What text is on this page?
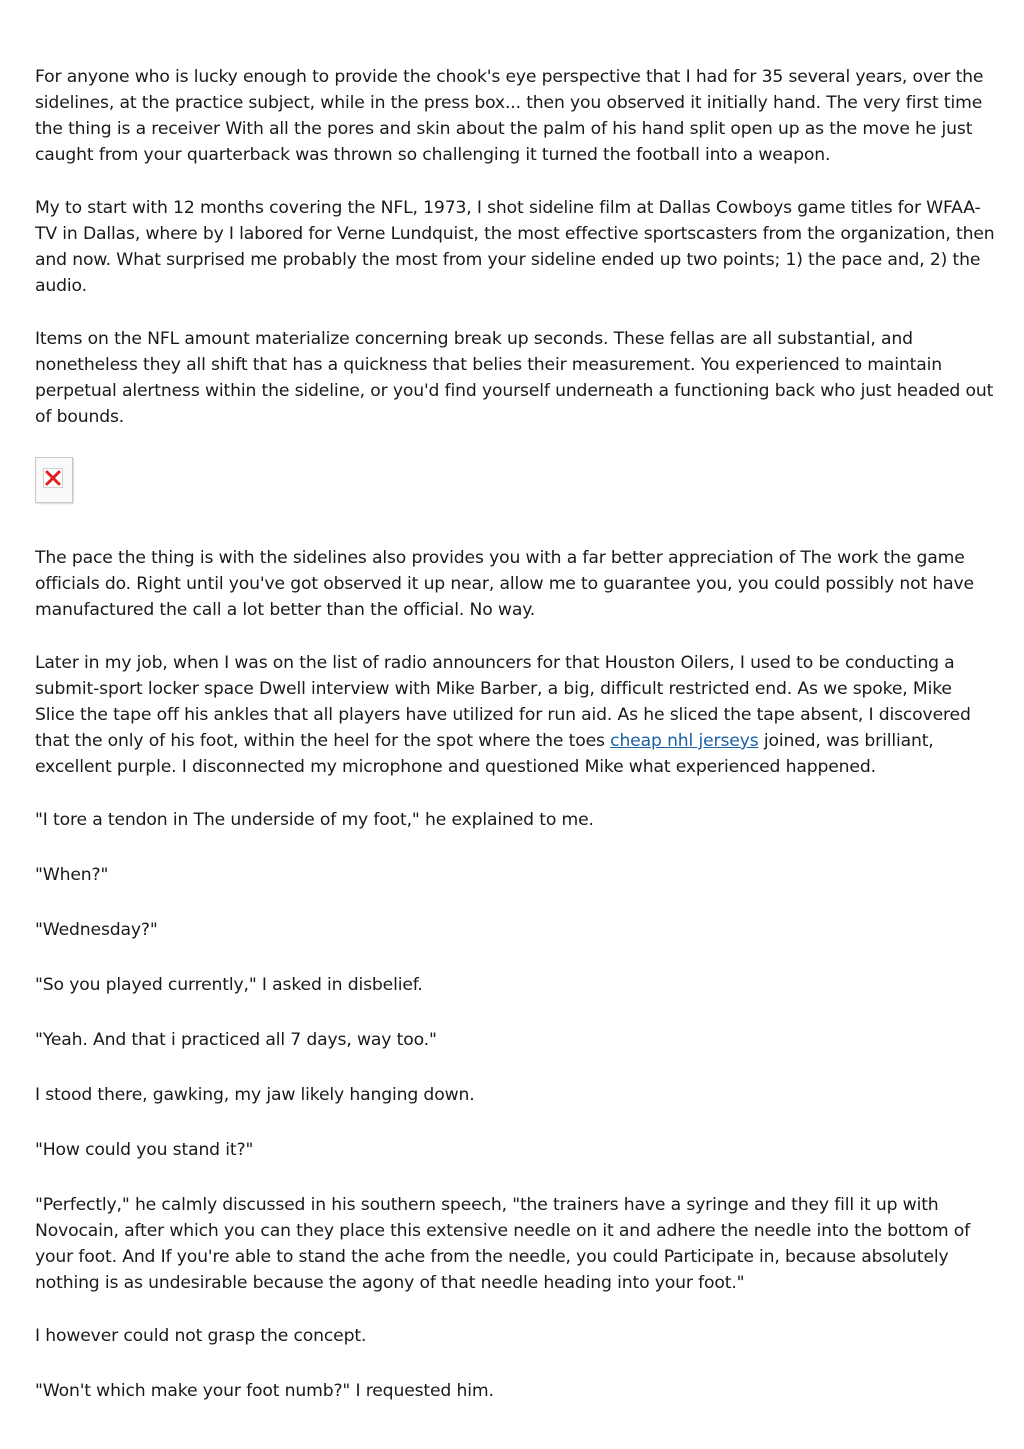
For anyone who is lucky enough to provide the chook's eye perspective that I had for 35 several years, over the sidelines, at the practice subject, while in the press box... then you observed it initially hand. The very first time the thing is a receiver With all the pores and skin about the palm of his hand split open up as the move he just caught from your quarterback was thrown so challenging it turned the football into a weapon.

My to start with 12 months covering the NFL, 1973, I shot sideline film at Dallas Cowboys game titles for WFAA-TV in Dallas, where by I labored for Verne Lundquist, the most effective sportscasters from the organization, then and now. What surprised me probably the most from your sideline ended up two points; 1) the pace and, 2) the audio.

Items on the NFL amount materialize concerning break up seconds. These fellas are all substantial, and nonetheless they all shift that has a quickness that belies their measurement. You experienced to maintain perpetual alertness within the sideline, or you'd find yourself underneath a functioning back who just headed out of bounds.

The pace the thing is with the sidelines also provides you with a far better appreciation of The work the game officials do. Right until you've got observed it up near, allow me to guarantee you, you could possibly not have manufactured the call a lot better than the official. No way.

Later in my job, when I was on the list of radio announcers for that Houston Oilers, I used to be conducting a submit-sport locker space Dwell interview with Mike Barber, a big, difficult restricted end. As we spoke, Mike Slice the tape off his ankles that all players have utilized for run aid. As he sliced the tape absent, I discovered that the only of his foot, within the heel for the spot where the toes cheap nhl jerseys joined, was brilliant, excellent purple. I disconnected my microphone and questioned Mike what experienced happened.

"I tore a tendon in The underside of my foot," he explained to me.

"When?"

"Wednesday?"

"So you played currently," I asked in disbelief.

"Yeah. And that i practiced all 7 days, way too."

I stood there, gawking, my jaw likely hanging down.

"How could you stand it?"

"Perfectly," he calmly discussed in his southern speech, "the trainers have a syringe and they fill it up with Novocain, after which you can they place this extensive needle on it and adhere the needle into the bottom of your foot. And If you're able to stand the ache from the needle, you could Participate in, because absolutely nothing is as undesirable because the agony of that needle heading into your foot."

I however could not grasp the concept.

"Won't which make your foot numb?" I requested him.
